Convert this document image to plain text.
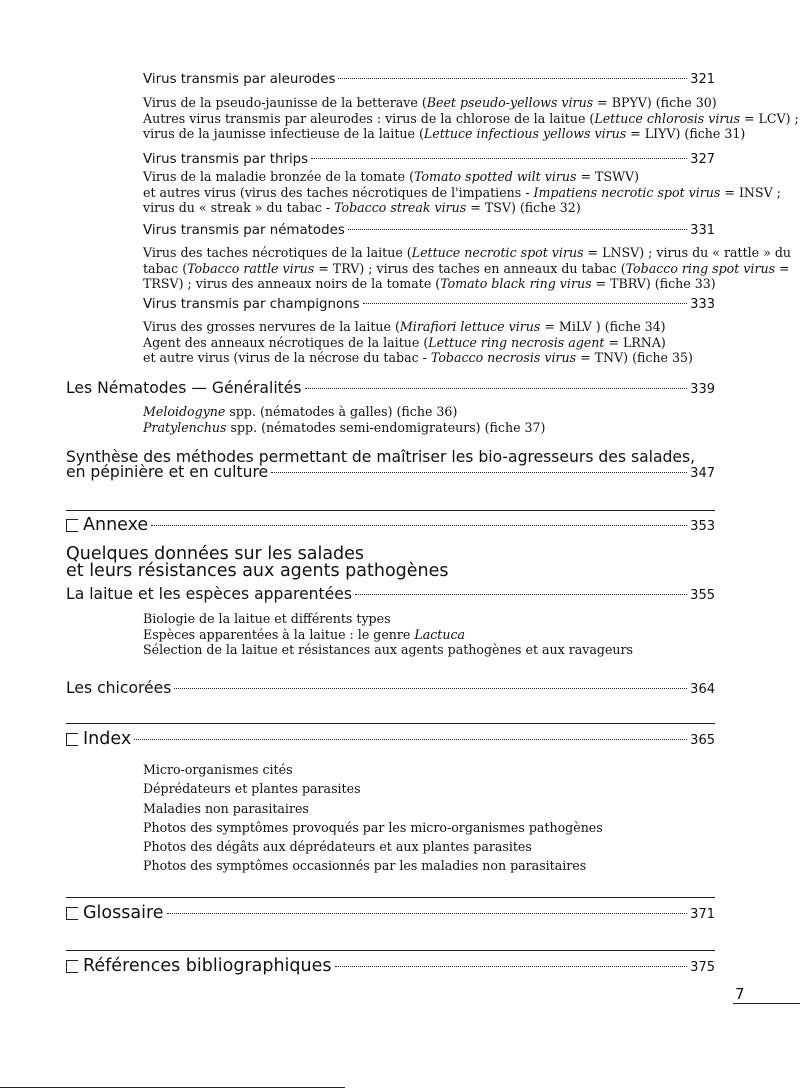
Virus transmis par aleurodes	321
Virus de la pseudo-jaunisse de la betterave (Beet pseudo-yellows virus = BPYV) (fiche 30)
Autres virus transmis par aleurodes : virus de la chlorose de la laitue (Lettuce chlorosis virus = LCV) ;
virus de la jaunisse infectieuse de la laitue (Lettuce infectious yellows virus = LIYV) (fiche 31)
Virus transmis par thrips	327
Virus de la maladie bronzée de la tomate (Tomato spotted wilt virus = TSWV)
et autres virus (virus des taches nécrotiques de l'impatiens - Impatiens necrotic spot virus = INSV ;
virus du « streak » du tabac - Tobacco streak virus = TSV) (fiche 32)
Virus transmis par nématodes	331
Virus des taches nécrotiques de la laitue (Lettuce necrotic spot virus = LNSV) ; virus du « rattle » du
tabac (Tobacco rattle virus = TRV) ; virus des taches en anneaux du tabac (Tobacco ring spot virus =
TRSV) ; virus des anneaux noirs de la tomate (Tomato black ring virus = TBRV) (fiche 33)
Virus transmis par champignons	333
Virus des grosses nervures de la laitue (Mirafiori lettuce virus = MiLV ) (fiche 34)
Agent des anneaux nécrotiques de la laitue (Lettuce ring necrosis agent = LRNA)
et autre virus (virus de la nécrose du tabac - Tobacco necrosis virus = TNV) (fiche 35)
Les Nématodes — Généralités	339
Meloidogyne spp. (nématodes à galles) (fiche 36)
Pratylenchus spp. (nématodes semi-endomigrateurs) (fiche 37)
Synthèse des méthodes permettant de maîtriser les bio-agresseurs des salades,
en pépinière et en culture	347
Annexe	353
Quelques données sur les salades
et leurs résistances aux agents pathogènes
La laitue et les espèces apparentées	355
Biologie de la laitue et différents types
Espèces apparentées à la laitue : le genre Lactuca
Sélection de la laitue et résistances aux agents pathogènes et aux ravageurs
Les chicorées	364
Index	365
Micro-organismes cités
Déprédateurs et plantes parasites
Maladies non parasitaires
Photos des symptômes provoqués par les micro-organismes pathogènes
Photos des dégâts aux déprédateurs et aux plantes parasites
Photos des symptômes occasionnés par les maladies non parasitaires
Glossaire	371
Références bibliographiques	375
7
